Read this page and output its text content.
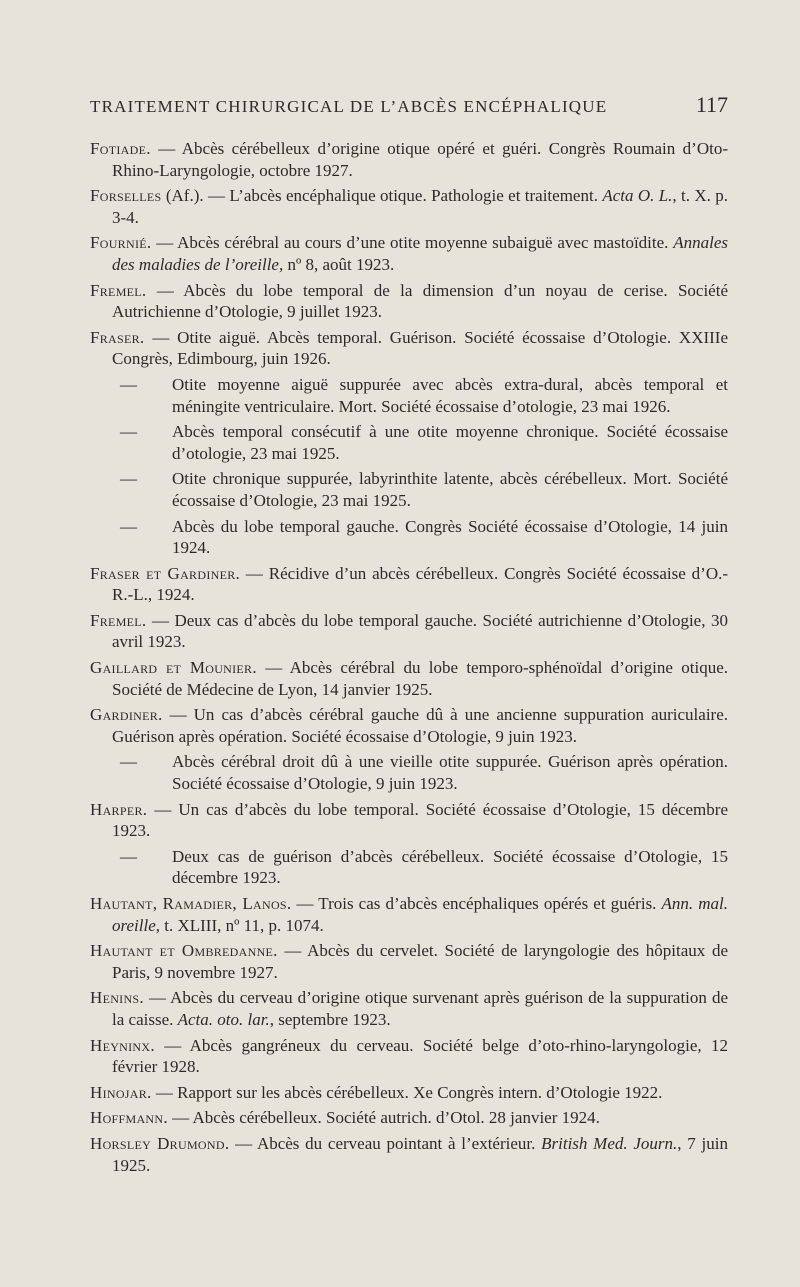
TRAITEMENT CHIRURGICAL DE L’ABCÈS ENCÉPHALIQUE	117

Fotiade. — Abcès cérébelleux d’origine otique opéré et guéri. Congrès Roumain d’Oto-Rhino-Laryngologie, octobre 1927.

Forselles (Af.). — L’abcès encéphalique otique. Pathologie et traitement. Acta O. L., t. X. p. 3-4.

Fournié. — Abcès cérébral au cours d’une otite moyenne subaiguë avec mastoïdite. Annales des maladies de l’oreille, nº 8, août 1923.

Fremel. — Abcès du lobe temporal de la dimension d’un noyau de cerise. Société Autrichienne d’Otologie, 9 juillet 1923.

Fraser. — Otite aiguë. Abcès temporal. Guérison. Société écossaise d’Otologie. XXIIIe Congrès, Edimbourg, juin 1926.

— Otite moyenne aiguë suppurée avec abcès extra-dural, abcès temporal et méningite ventriculaire. Mort. Société écossaise d’otologie, 23 mai 1926.

— Abcès temporal consécutif à une otite moyenne chronique. Société écossaise d’otologie, 23 mai 1925.

— Otite chronique suppurée, labyrinthite latente, abcès cérébelleux. Mort. Société écossaise d’Otologie, 23 mai 1925.

— Abcès du lobe temporal gauche. Congrès Société écossaise d’Otologie, 14 juin 1924.

Fraser et Gardiner. — Récidive d’un abcès cérébelleux. Congrès Société écossaise d’O.-R.-L., 1924.

Fremel. — Deux cas d’abcès du lobe temporal gauche. Société autrichienne d’Otologie, 30 avril 1923.

Gaillard et Mounier. — Abcès cérébral du lobe temporo-sphénoïdal d’origine otique. Société de Médecine de Lyon, 14 janvier 1925.

Gardiner. — Un cas d’abcès cérébral gauche dû à une ancienne suppuration auriculaire. Guérison après opération. Société écossaise d’Otologie, 9 juin 1923.

— Abcès cérébral droit dû à une vieille otite suppurée. Guérison après opération. Société écossaise d’Otologie, 9 juin 1923.

Harper. — Un cas d’abcès du lobe temporal. Société écossaise d’Otologie, 15 décembre 1923.

— Deux cas de guérison d’abcès cérébelleux. Société écossaise d’Otologie, 15 décembre 1923.

Hautant, Ramadier, Lanos. — Trois cas d’abcès encéphaliques opérés et guéris. Ann. mal. oreille, t. XLIII, nº 11, p. 1074.

Hautant et Ombredanne. — Abcès du cervelet. Société de laryngologie des hôpitaux de Paris, 9 novembre 1927.

Henins. — Abcès du cerveau d’origine otique survenant après guérison de la suppuration de la caisse. Acta. oto. lar., septembre 1923.

Heyninx. — Abcès gangréneux du cerveau. Société belge d’oto-rhino-laryngologie, 12 février 1928.

Hinojar. — Rapport sur les abcès cérébelleux. Xe Congrès intern. d’Otologie 1922.

Hoffmann. — Abcès cérébelleux. Société autrich. d’Otol. 28 janvier 1924.

Horsley Drumond. — Abcès du cerveau pointant à l’extérieur. British Med. Journ., 7 juin 1925.
